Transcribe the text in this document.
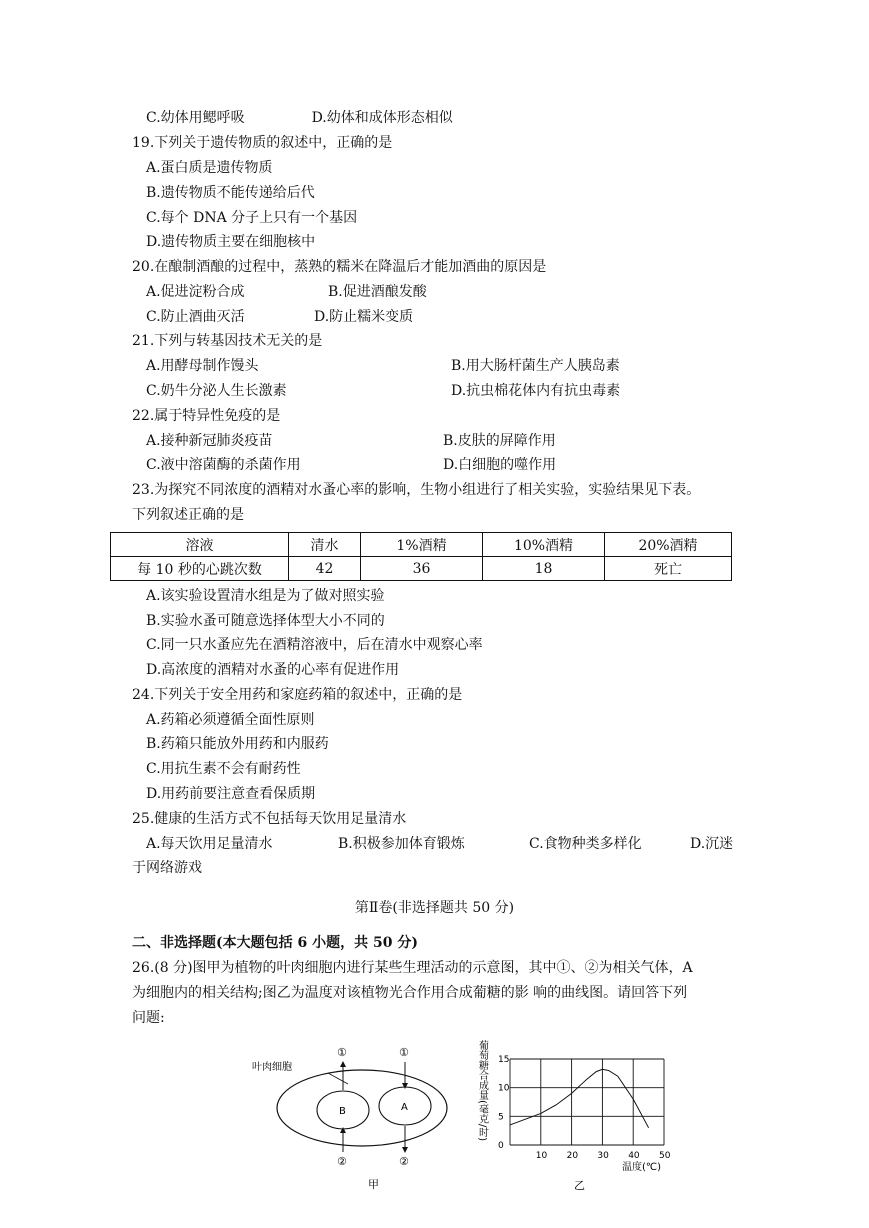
C.幼体用鳃呼吸	D.幼体和成体形态相似
19.下列关于遗传物质的叙述中，正确的是
A.蛋白质是遗传物质
B.遗传物质不能传递给后代
C.每个 DNA 分子上只有一个基因
D.遗传物质主要在细胞核中
20.在酿制酒酿的过程中，蒸熟的糯米在降温后才能加酒曲的原因是
A.促进淀粉合成	B.促进酒酿发酸
C.防止酒曲灭活	D.防止糯米变质
21.下列与转基因技术无关的是
A.用酵母制作馒头	B.用大肠杆菌生产人胰岛素
C.奶牛分泌人生长激素	D.抗虫棉花体内有抗虫毒素
22.属于特异性免疫的是
A.接种新冠肺炎疫苗	B.皮肤的屏障作用
C.液中溶菌酶的杀菌作用	D.白细胞的噬作用
23.为探究不同浓度的酒精对水蚤心率的影响，生物小组进行了相关实验，实验结果见下表。
下列叙述正确的是
溶液	清水	1%酒精	10%酒精	20%酒精
每 10 秒的心跳次数	42	36	18	死亡
A.该实验设置清水组是为了做对照实验
B.实验水蚤可随意选择体型大小不同的
C.同一只水蚤应先在酒精溶液中，后在清水中观察心率
D.高浓度的酒精对水蚤的心率有促进作用
24.下列关于安全用药和家庭药箱的叙述中，正确的是
A.药箱必须遵循全面性原则
B.药箱只能放外用药和内服药
C.用抗生素不会有耐药性
D.用药前要注意查看保质期
25.健康的生活方式不包括每天饮用足量清水
A.每天饮用足量清水	B.积极参加体育锻炼	C.食物种类多样化	D.沉迷
于网络游戏
第Ⅱ卷(非选择题共 50 分)
二、非选择题(本大题包括 6 小题，共 50 分)
26.(8 分)图甲为植物的叶肉细胞内进行某些生理活动的示意图，其中①、②为相关气体，A
为细胞内的相关结构;图乙为温度对该植物光合作用合成葡糖的影 响的曲线图。请回答下列
问题:
叶肉细胞
B	A
①	①
②	②
甲
葡萄糖合成量(毫克/时)
温度(℃)
乙
10 20 30 40 50
0
5
10
15
